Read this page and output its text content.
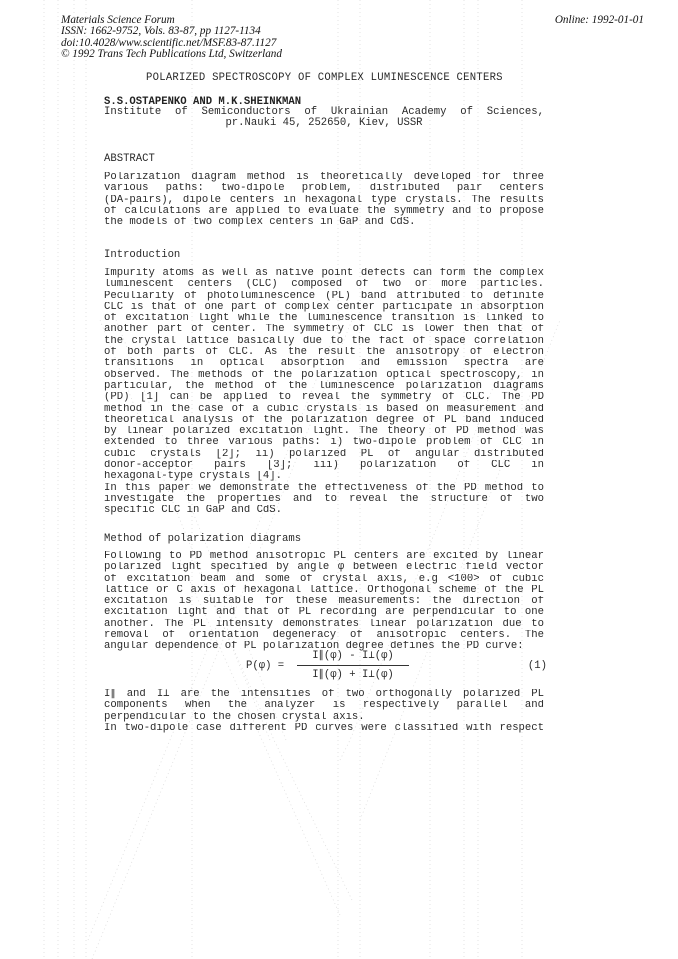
Materials Science Forum
ISSN: 1662-9752, Vols. 83-87, pp 1127-1134
doi:10.4028/www.scientific.net/MSF.83-87.1127
© 1992 Trans Tech Publications Ltd, Switzerland
Online: 1992-01-01
POLARIZED SPECTROSCOPY OF COMPLEX LUMINESCENCE CENTERS
S.S.OSTAPENKO AND M.K.SHEINKMAN
Institute of Semiconductors of Ukrainian Academy of Sciences,
pr.Nauki 45, 252650, Kiev, USSR
ABSTRACT
Polarization diagram method is theoretically developed for three
various paths: two-dipole problem, distributed pair centers
(DA-pairs), dipole centers in hexagonal type crystals. The results
of calculations are applied to evaluate the symmetry and to propose
the models of two complex centers in GaP and CdS.
Introduction
Impurity atoms as well as native point defects can form the complex
luminescent centers (CLC) composed of two or more particles.
Peculiarity of photoluminescence (PL) band attributed to definite
CLC is that of one part of complex center participate in absorption
of excitation light while the luminescence transition is linked to
another part of center. The symmetry of CLC is lower then that of
the crystal lattice basically due to the fact of space correlation
of both parts of CLC. As the result the anisotropy of electron
transitions in optical absorption and emission spectra are
observed. The methods of the polarization optical spectroscopy, in
particular, the method of the luminescence polarization diagrams
(PD) [1] can be applied to reveal the symmetry of CLC. The PD
method in the case of a cubic crystals is based on measurement and
theoretical analysis of the polarization degree of PL band induced
by linear polarized excitation light. The theory of PD method was
extended to three various paths: i) two-dipole problem of CLC in
cubic crystals [2]; ii) polarized PL of angular distributed
donor-acceptor pairs [3]; iii) polarization of CLC in
hexagonal-type crystals [4].
In this paper we demonstrate the effectiveness of the PD method to
investigate the properties and to reveal the structure of two
specific CLC in GaP and CdS.
Method of polarization diagrams
Following to PD method anisotropic PL centers are excited by linear
polarized light specified by angle φ between electric field vector
of excitation beam and some of crystal axis, e.g <100> of cubic
lattice or C axis of hexagonal lattice. Orthogonal scheme of the PL
excitation is suitable for these measurements: the direction of
excitation light and that of PL recording are perpendicular to one
another. The PL intensity demonstrates linear polarization due to
removal of orientation degeneracy of anisotropic centers. The
angular dependence of PL polarization degree defines the PD curve:
P(φ) =
I∥(φ) - I⊥(φ)
I∥(φ) + I⊥(φ)
(1)
I∥ and I⊥ are the intensities of two orthogonally polarized PL
components when the analyzer is respectively parallel and
perpendicular to the chosen crystal axis.
In two-dipole case different PD curves were classified with respect
